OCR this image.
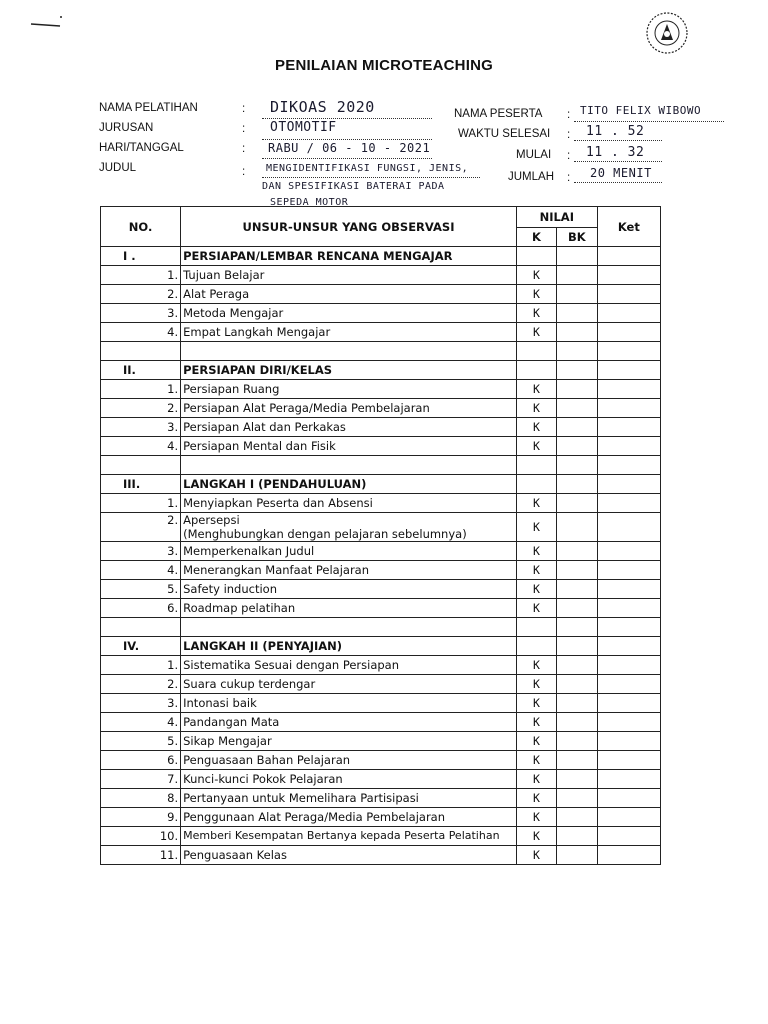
PENILAIAN MICROTEACHING
NAMA PELATIHAN	: DIKOAS 2020
JURUSAN	: OTOMOTIF
HARI/TANGGAL	: RABU / 06 - 10 - 2021
JUDUL	: MENGIDENTIFIKASI FUNGSI, JENIS,
DAN SPESIFIKASI BATERAI PADA
SEPEDA MOTOR
NAMA PESERTA : TITO FELIX WIBOWO
WAKTU SELESAI : 11 . 52
MULAI : 11 . 32
JUMLAH : 20 MENIT
NO.	UNSUR-UNSUR YANG OBSERVASI	NILAI		Ket
		K	BK	
I .	PERSIAPAN/LEMBAR RENCANA MENGAJAR			
1.	Tujuan Belajar	K		
2.	Alat Peraga	K		
3.	Metoda Mengajar	K		
4.	Empat Langkah Mengajar	K		

II.	PERSIAPAN DIRI/KELAS			
1.	Persiapan Ruang	K		
2.	Persiapan Alat Peraga/Media Pembelajaran	K		
3.	Persiapan Alat dan Perkakas	K		
4.	Persiapan Mental dan Fisik	K		

III.	LANGKAH I (PENDAHULUAN)			
1.	Menyiapkan Peserta dan Absensi	K		
2.	Apersepsi
(Menghubungkan dengan pelajaran sebelumnya)	K		
3.	Memperkenalkan Judul	K		
4.	Menerangkan Manfaat Pelajaran	K		
5.	Safety induction	K		
6.	Roadmap pelatihan	K		

IV.	LANGKAH II (PENYAJIAN)			
1.	Sistematika Sesuai dengan Persiapan	K		
2.	Suara cukup terdengar	K		
3.	Intonasi baik	K		
4.	Pandangan Mata	K		
5.	Sikap Mengajar	K		
6.	Penguasaan Bahan Pelajaran	K		
7.	Kunci-kunci Pokok Pelajaran	K		
8.	Pertanyaan untuk Memelihara Partisipasi	K		
9.	Penggunaan Alat Peraga/Media Pembelajaran	K		
10.	Memberi Kesempatan Bertanya kepada Peserta Pelatihan	K		
11.	Penguasaan Kelas	K		
